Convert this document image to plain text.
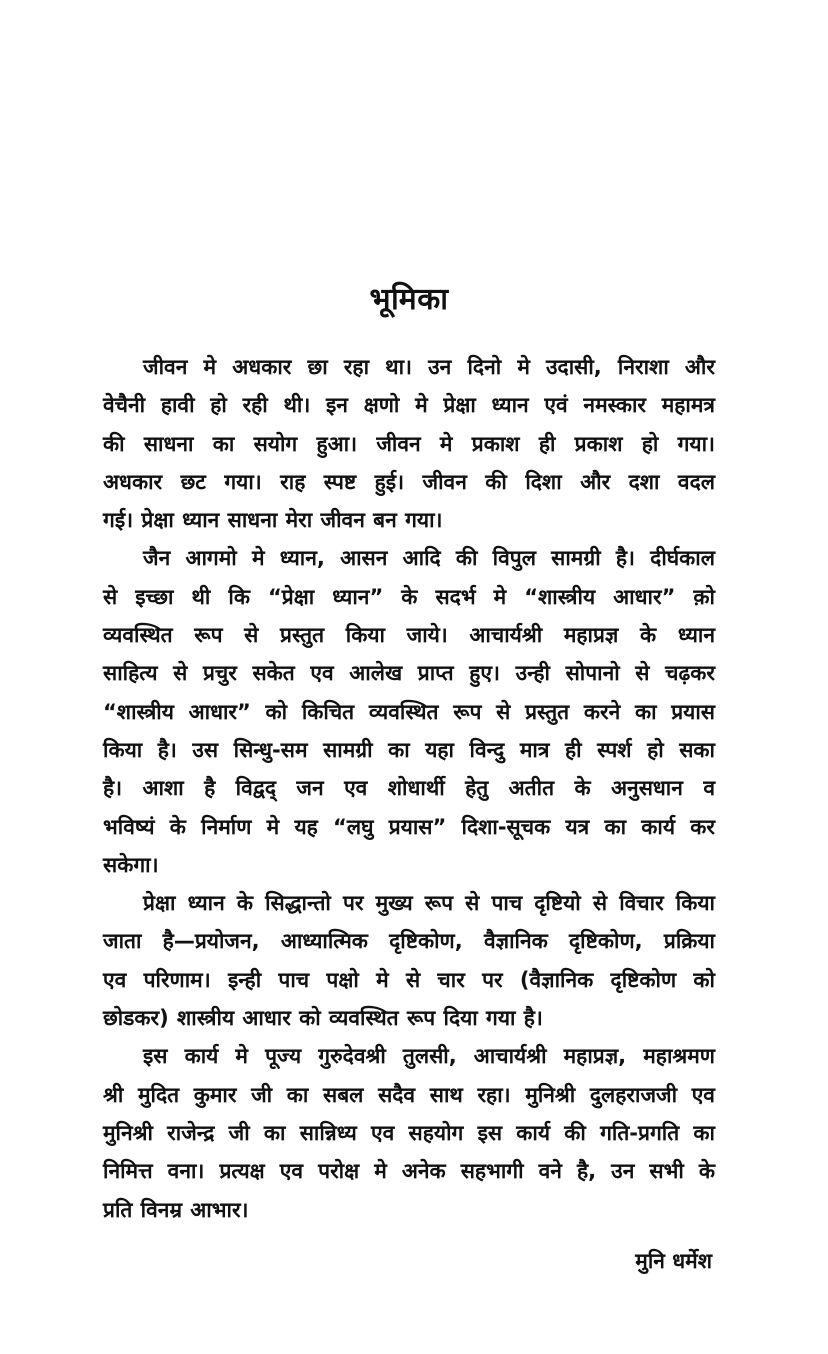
भूमिका

जीवन मे अधकार छा रहा था। उन दिनो मे उदासी, निराशा और
वेचैनी हावी हो रही थी। इन क्षणो मे प्रेक्षा ध्यान एवं नमस्कार महामत्र
की साधना का सयोग हुआ। जीवन मे प्रकाश ही प्रकाश हो गया।
अधकार छट गया। राह स्पष्ट हुई। जीवन की दिशा और दशा वदल
गई। प्रेक्षा ध्यान साधना मेरा जीवन बन गया।

जैन आगमो मे ध्यान, आसन आदि की विपुल सामग्री है। दीर्घकाल
से इच्छा थी कि “प्रेक्षा ध्यान” के सदर्भ मे “शास्त्रीय आधार” क़ो
व्यवस्थित रूप से प्रस्तुत किया जाये। आचार्यश्री महाप्रज्ञ के ध्यान
साहित्य से प्रचुर सकेत एव आलेख प्राप्त हुए। उन्ही सोपानो से चढ़कर
“शास्त्रीय आधार” को किचित व्यवस्थित रूप से प्रस्तुत करने का प्रयास
किया है। उस सिन्धु-सम सामग्री का यहा विन्दु मात्र ही स्पर्श हो सका
है। आशा है विद्वद् जन एव शोधार्थी हेतु अतीत के अनुसधान व
भविष्यं के निर्माण मे यह “लघु प्रयास” दिशा-सूचक यत्र का कार्य कर
सकेगा।

प्रेक्षा ध्यान के सिद्धान्तो पर मुख्य रूप से पाच दृष्टियो से विचार किया
जाता है—प्रयोजन, आध्यात्मिक दृष्टिकोण, वैज्ञानिक दृष्टिकोण, प्रक्रिया
एव परिणाम। इन्ही पाच पक्षो मे से चार पर (वैज्ञानिक दृष्टिकोण को
छोडकर) शास्त्रीय आधार को व्यवस्थित रूप दिया गया है।

इस कार्य मे पूज्य गुरुदेवश्री तुलसी, आचार्यश्री महाप्रज्ञ, महाश्रमण
श्री मुदित कुमार जी का सबल सदैव साथ रहा। मुनिश्री दुलहराजजी एव
मुनिश्री राजेन्द्र जी का सान्निध्य एव सहयोग इस कार्य की गति-प्रगति का
निमित्त वना। प्रत्यक्ष एव परोक्ष मे अनेक सहभागी वने है, उन सभी के
प्रति विनम्र आभार।

मुनि धर्मेश
